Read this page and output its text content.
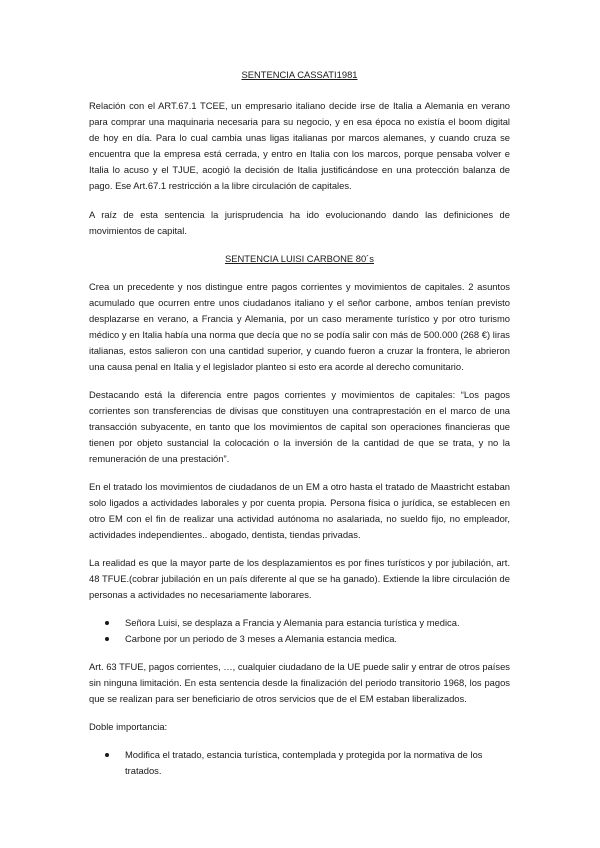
SENTENCIA CASSATI1981

Relación con el ART.67.1 TCEE, un empresario italiano decide irse de Italia a Alemania en verano para comprar una maquinaria necesaria para su negocio, y en esa época no existía el boom digital de hoy en día. Para lo cual cambia unas ligas italianas por marcos alemanes, y cuando cruza se encuentra que la empresa está cerrada, y entro en Italia con los marcos, porque pensaba volver e Italia lo acuso y el TJUE, acogió la decisión de Italia justificándose en una protección balanza de pago. Ese Art.67.1 restricción a la libre circulación de capitales.

A raíz de esta sentencia la jurisprudencia ha ido evolucionando dando las definiciones de movimientos de capital.

SENTENCIA LUISI CARBONE 80´s

Crea un precedente y nos distingue entre pagos corrientes y movimientos de capitales. 2 asuntos acumulado que ocurren entre unos ciudadanos italiano y el señor carbone, ambos tenían previsto desplazarse en verano, a Francia y Alemania, por un caso meramente turístico y por otro turismo médico y en Italia había una norma que decía que no se podía salir con más de 500.000 (268 €) liras italianas, estos salieron con una cantidad superior, y cuando fueron a cruzar la frontera, le abrieron una causa penal en Italia y el legislador planteo si esto era acorde al derecho comunitario.

Destacando está la diferencia entre pagos corrientes y movimientos de capitales: “Los pagos corrientes son transferencias de divisas que constituyen una contraprestación en el marco de una transacción subyacente, en tanto que los movimientos de capital son operaciones financieras que tienen por objeto sustancial la colocación o la inversión de la cantidad de que se trata, y no la remuneración de una prestación”.

En el tratado los movimientos de ciudadanos de un EM a otro hasta el tratado de Maastricht estaban solo ligados a actividades laborales y por cuenta propia. Persona física o jurídica, se establecen en otro EM con el fin de realizar una actividad autónoma no asalariada, no sueldo fijo, no empleador, actividades independientes.. abogado, dentista, tiendas privadas.

La realidad es que la mayor parte de los desplazamientos es por fines turísticos y por jubilación, art. 48 TFUE.(cobrar jubilación en un país diferente al que se ha ganado). Extiende la libre circulación de personas a actividades no necesariamente laborares.

Señora Luisi, se desplaza a Francia y Alemania para estancia turística y medica.
Carbone por un periodo de 3 meses a Alemania estancia medica.

Art. 63 TFUE, pagos corrientes, …, cualquier ciudadano de la UE puede salir y entrar de otros países sin ninguna limitación. En esta sentencia desde la finalización del periodo transitorio 1968, los pagos que se realizan para ser beneficiario de otros servicios que de el EM estaban liberalizados.

Doble importancia:

Modifica el tratado, estancia turística, contemplada y protegida por la normativa de los tratados.
